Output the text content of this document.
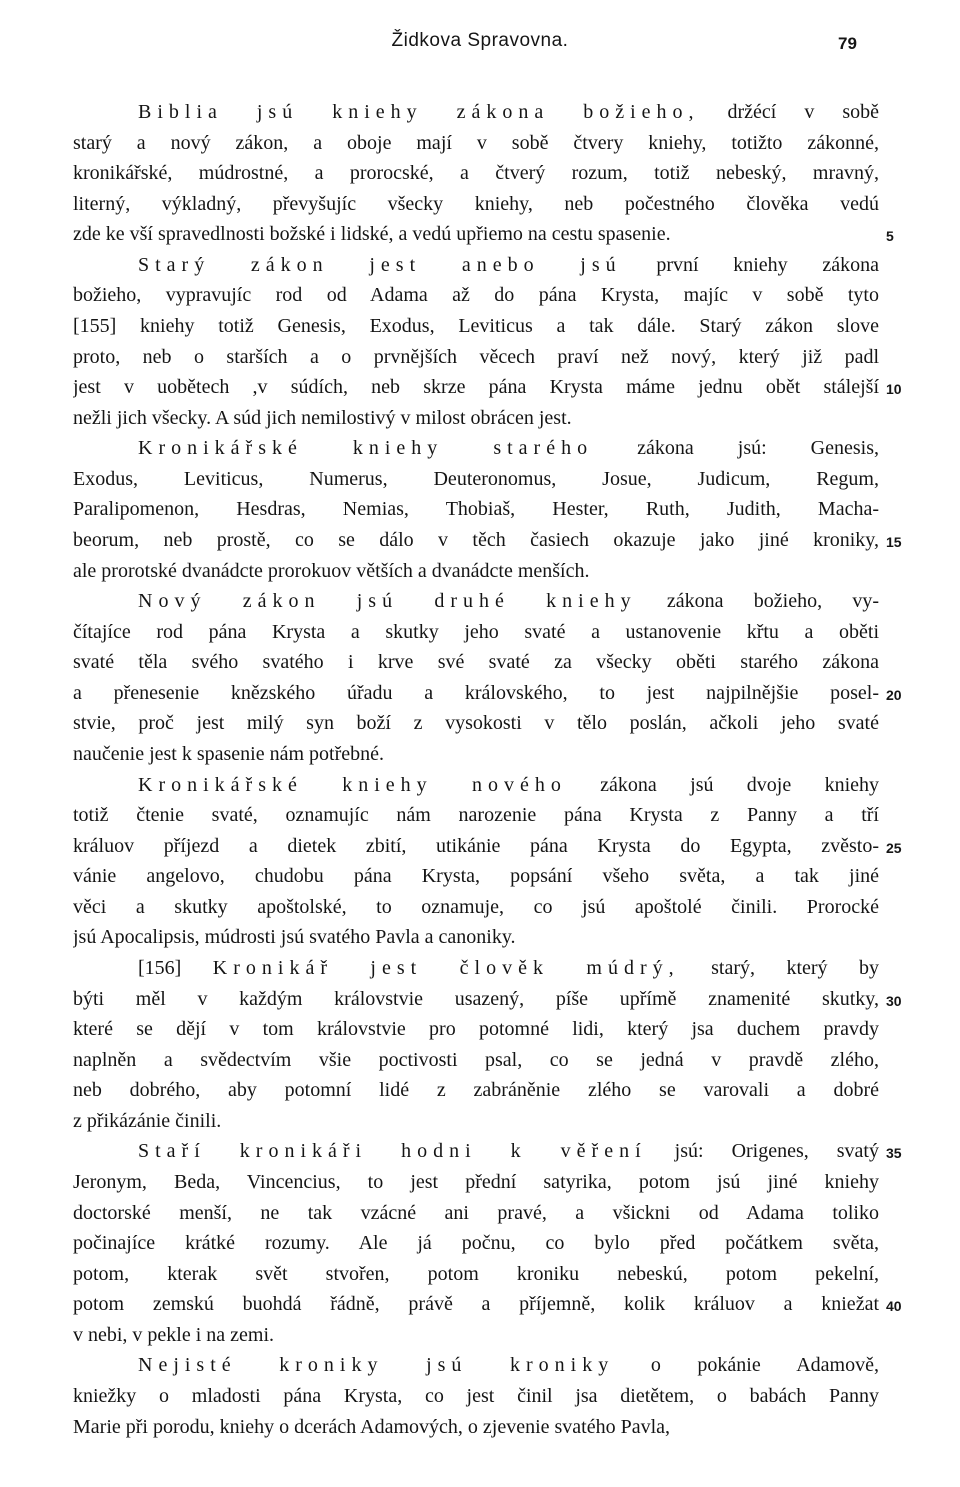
Židkova Spravovna.	79
Biblia jsú kniehy zákona božieho, držécí v sobě
starý a nový zákon, a oboje mají v sobě čtvery kniehy, totižto zákonné,
kronikářské, múdrostné, a prorocské, a čtverý rozum, totiž nebeský, mravný,
literný, výkladný, převyšujíc všecky kniehy, neb počestného člověka vedú
zde ke vší spravedlnosti božské i lidské, a vedú upřiemo na cestu spasenie.
Starý zákon jest anebo jsú první kniehy zákona
božieho, vypravujíc rod od Adama až do pána Krysta, majíc v sobě tyto
[155] kniehy totiž Genesis, Exodus, Leviticus a tak dále. Starý zákon slove
proto, neb o starších a o prvnějších věcech praví než nový, který již padl
jest v uobětech ,v súdích, neb skrze pána Krysta máme jednu obět stálejší
nežli jich všecky. A súd jich nemilostivý v milost obrácen jest.
Kronikářské kniehy starého zákona jsú: Genesis,
Exodus, Leviticus, Numerus, Deuteronomus, Josue, Judicum, Regum,
Paralipomenon, Hesdras, Nemias, Thobiaš, Hester, Ruth, Judith, Macha-
beorum, neb prostě, co se dálo v těch časiech okazuje jako jiné kroniky,
ale prorotské dvanádcte prorokuov větších a dvanádcte menších.
Nový zákon jsú druhé kniehy zákona božieho, vy-
čítajíce rod pána Krysta a skutky jeho svaté a ustanovenie křtu a oběti
svaté těla svého svatého i krve své svaté za všecky oběti starého zákona
a přenesenie knězského úřadu a královského, to jest najpilnějšie posel-
stvie, proč jest milý syn boží z vysokosti v tělo poslán, ačkoli jeho svaté
naučenie jest k spasenie nám potřebné.
Kronikářské kniehy nového zákona jsú dvoje kniehy
totiž čtenie svaté, oznamujíc nám narozenie pána Krysta z Panny a tří
králuov příjezd a dietek zbití, utikánie pána Krysta do Egypta, zvěsto-
vánie angelovo, chudobu pána Krysta, popsání všeho světa, a tak jiné
věci a skutky apoštolské, to oznamuje, co jsú apoštolé činili. Prorocké
jsú Apocalipsis, múdrosti jsú svatého Pavla a canoniky.
[156] Kronikář jest člověk múdrý, starý, který by
býti měl v každým královstvie usazený, píše upřímě znamenité skutky,
které se dějí v tom královstvie pro potomné lidi, který jsa duchem pravdy
naplněn a svědectvím všie poctivosti psal, co se jedná v pravdě zlého,
neb dobrého, aby potomní lidé z zabráněnie zlého se varovali a dobré
z přikázánie činili.
Staří kronikáři hodni k věření jsú: Origenes, svatý
Jeronym, Beda, Vincencius, to jest přední satyrika, potom jsú jiné kniehy
doctorské menší, ne tak vzácné ani pravé, a všickni od Adama toliko
počinajíce krátké rozumy. Ale já počnu, co bylo před počátkem světa,
potom, kterak svět stvořen, potom kroniku nebeskú, potom pekelní,
potom zemskú buohdá řádně, právě a příjemně, kolik králuov a kniežat
v nebi, v pekle i na zemi.
Nejisté kroniky jsú kroniky o pokánie Adamově,
kniežky o mladosti pána Krysta, co jest činil jsa dietětem, o babách Panny
Marie při porodu, kniehy o dcerách Adamových, o zjevenie svatého Pavla,
5
10
15
20
25
30
35
40
